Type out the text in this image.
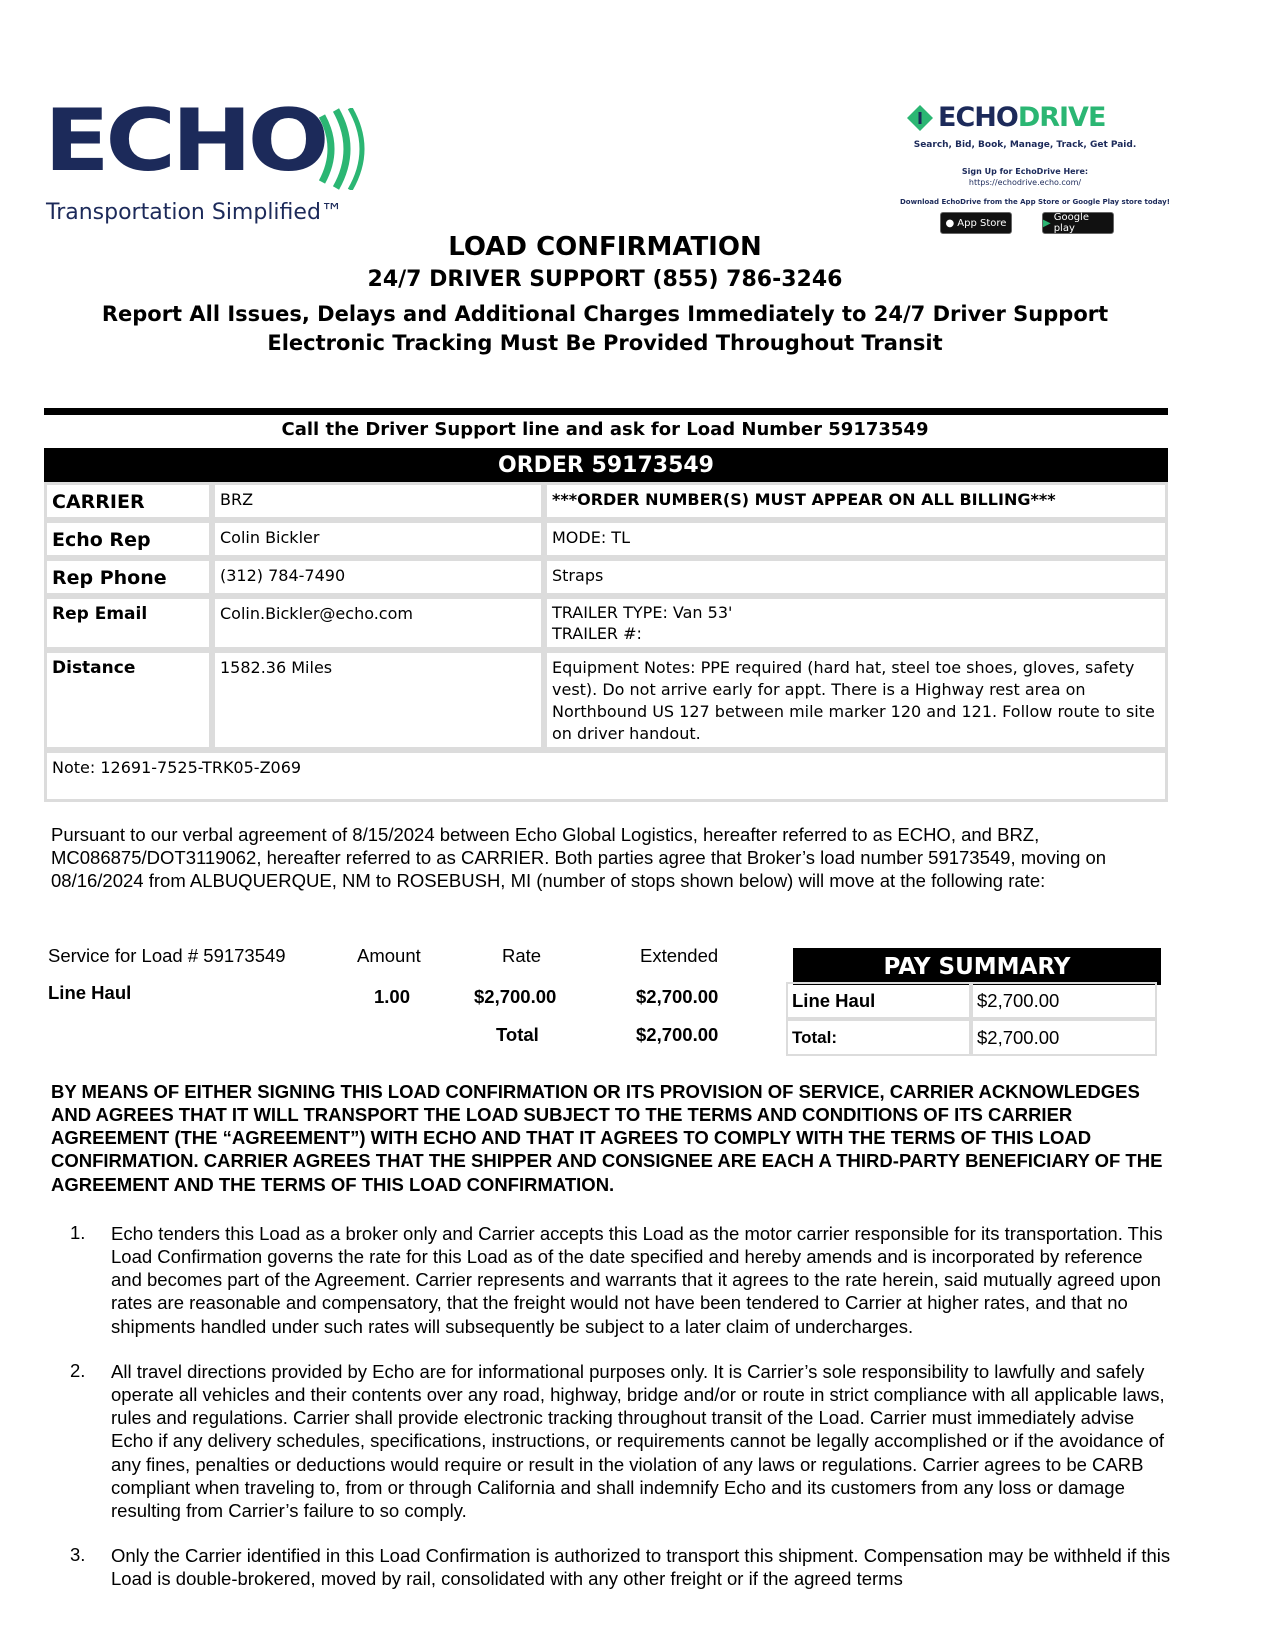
ECHO
Transportation Simplified™
ECHODRIVE
Search, Bid, Book, Manage, Track, Get Paid.
Sign Up for EchoDrive Here:
https://echodrive.echo.com/
Download EchoDrive from the App Store or Google Play store today!
● App Store	▶ Google play
LOAD CONFIRMATION
24/7 DRIVER SUPPORT (855) 786-3246
Report All Issues, Delays and Additional Charges Immediately to 24/7 Driver Support
Electronic Tracking Must Be Provided Throughout Transit
Call the Driver Support line and ask for Load Number 59173549
ORDER 59173549
CARRIER	BRZ	***ORDER NUMBER(S) MUST APPEAR ON ALL BILLING***
Echo Rep	Colin Bickler	MODE: TL
Rep Phone	(312) 784-7490	Straps
Rep Email	Colin.Bickler@echo.com	TRAILER TYPE: Van 53'
TRAILER #:
Distance	1582.36 Miles	Equipment Notes: PPE required (hard hat, steel toe shoes, gloves, safety vest). Do not arrive early for appt. There is a Highway rest area on Northbound US 127 between mile marker 120 and 121. Follow route to site on driver handout.
Note: 12691-7525-TRK05-Z069
Pursuant to our verbal agreement of 8/15/2024 between Echo Global Logistics, hereafter referred to as ECHO, and BRZ, MC086875/DOT3119062, hereafter referred to as CARRIER. Both parties agree that Broker’s load number 59173549, moving on 08/16/2024 from ALBUQUERQUE, NM to ROSEBUSH, MI (number of stops shown below) will move at the following rate:
Service for Load # 59173549	Amount	Rate	Extended
Line Haul	1.00	$2,700.00	$2,700.00
Total	$2,700.00
PAY SUMMARY
Line Haul	$2,700.00
Total:	$2,700.00
BY MEANS OF EITHER SIGNING THIS LOAD CONFIRMATION OR ITS PROVISION OF SERVICE, CARRIER ACKNOWLEDGES AND AGREES THAT IT WILL TRANSPORT THE LOAD SUBJECT TO THE TERMS AND CONDITIONS OF ITS CARRIER AGREEMENT (THE “AGREEMENT”) WITH ECHO AND THAT IT AGREES TO COMPLY WITH THE TERMS OF THIS LOAD CONFIRMATION. CARRIER AGREES THAT THE SHIPPER AND CONSIGNEE ARE EACH A THIRD-PARTY BENEFICIARY OF THE AGREEMENT AND THE TERMS OF THIS LOAD CONFIRMATION.
1. Echo tenders this Load as a broker only and Carrier accepts this Load as the motor carrier responsible for its transportation. This Load Confirmation governs the rate for this Load as of the date specified and hereby amends and is incorporated by reference and becomes part of the Agreement. Carrier represents and warrants that it agrees to the rate herein, said mutually agreed upon rates are reasonable and compensatory, that the freight would not have been tendered to Carrier at higher rates, and that no shipments handled under such rates will subsequently be subject to a later claim of undercharges.
2. All travel directions provided by Echo are for informational purposes only. It is Carrier’s sole responsibility to lawfully and safely operate all vehicles and their contents over any road, highway, bridge and/or or route in strict compliance with all applicable laws, rules and regulations. Carrier shall provide electronic tracking throughout transit of the Load. Carrier must immediately advise Echo if any delivery schedules, specifications, instructions, or requirements cannot be legally accomplished or if the avoidance of any fines, penalties or deductions would require or result in the violation of any laws or regulations. Carrier agrees to be CARB compliant when traveling to, from or through California and shall indemnify Echo and its customers from any loss or damage resulting from Carrier’s failure to so comply.
3. Only the Carrier identified in this Load Confirmation is authorized to transport this shipment. Compensation may be withheld if this Load is double-brokered, moved by rail, consolidated with any other freight or if the agreed terms
